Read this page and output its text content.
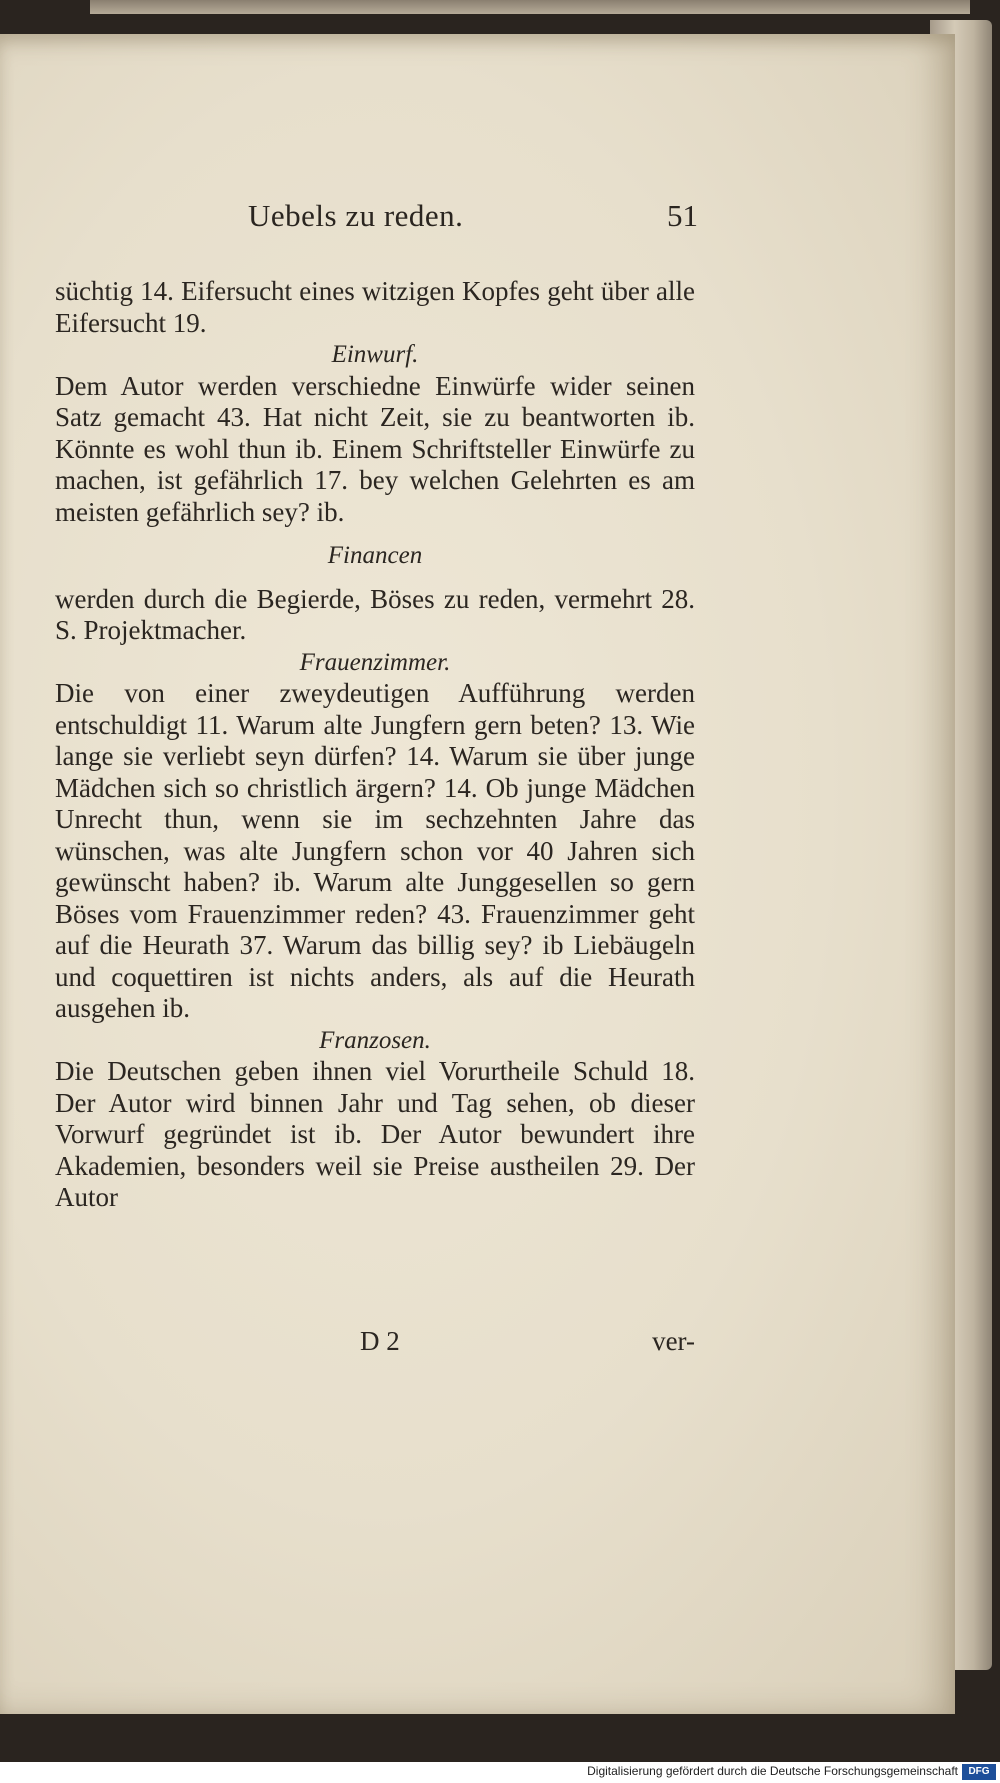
Uebels zu reden.	51

süchtig 14. Eifersucht eines witzigen Kopfes geht über alle Eifersucht 19.

Einwurf.

Dem Autor werden verschiedne Einwürfe wider seinen Satz gemacht 43. Hat nicht Zeit, sie zu beantworten ib. Könnte es wohl thun ib. Einem Schriftsteller Einwürfe zu machen, ist gefährlich 17. bey welchen Gelehrten es am meisten gefährlich sey? ib.

Financen

werden durch die Begierde, Böses zu reden, vermehrt 28. S. Projektmacher.

Frauenzimmer.

Die von einer zweydeutigen Aufführung werden entschuldigt 11. Warum alte Jungfern gern beten? 13. Wie lange sie verliebt seyn dürfen? 14. Warum sie über junge Mädchen sich so christlich ärgern? 14. Ob junge Mädchen Unrecht thun, wenn sie im sechzehnten Jahre das wünschen, was alte Jungfern schon vor 40 Jahren sich gewünscht haben? ib. Warum alte Junggesellen so gern Böses vom Frauenzimmer reden? 43. Frauenzimmer geht auf die Heurath 37. Warum das billig sey? ib Liebäugeln und coquettiren ist nichts anders, als auf die Heurath ausgehen ib.

Franzosen.

Die Deutschen geben ihnen viel Vorurtheile Schuld 18. Der Autor wird binnen Jahr und Tag sehen, ob dieser Vorwurf gegründet ist ib. Der Autor bewundert ihre Akademien, besonders weil sie Preise austheilen 29. Der Autor

D 2	ver-
Digitalisierung gefördert durch die Deutsche Forschungsgemeinschaft	DFG
